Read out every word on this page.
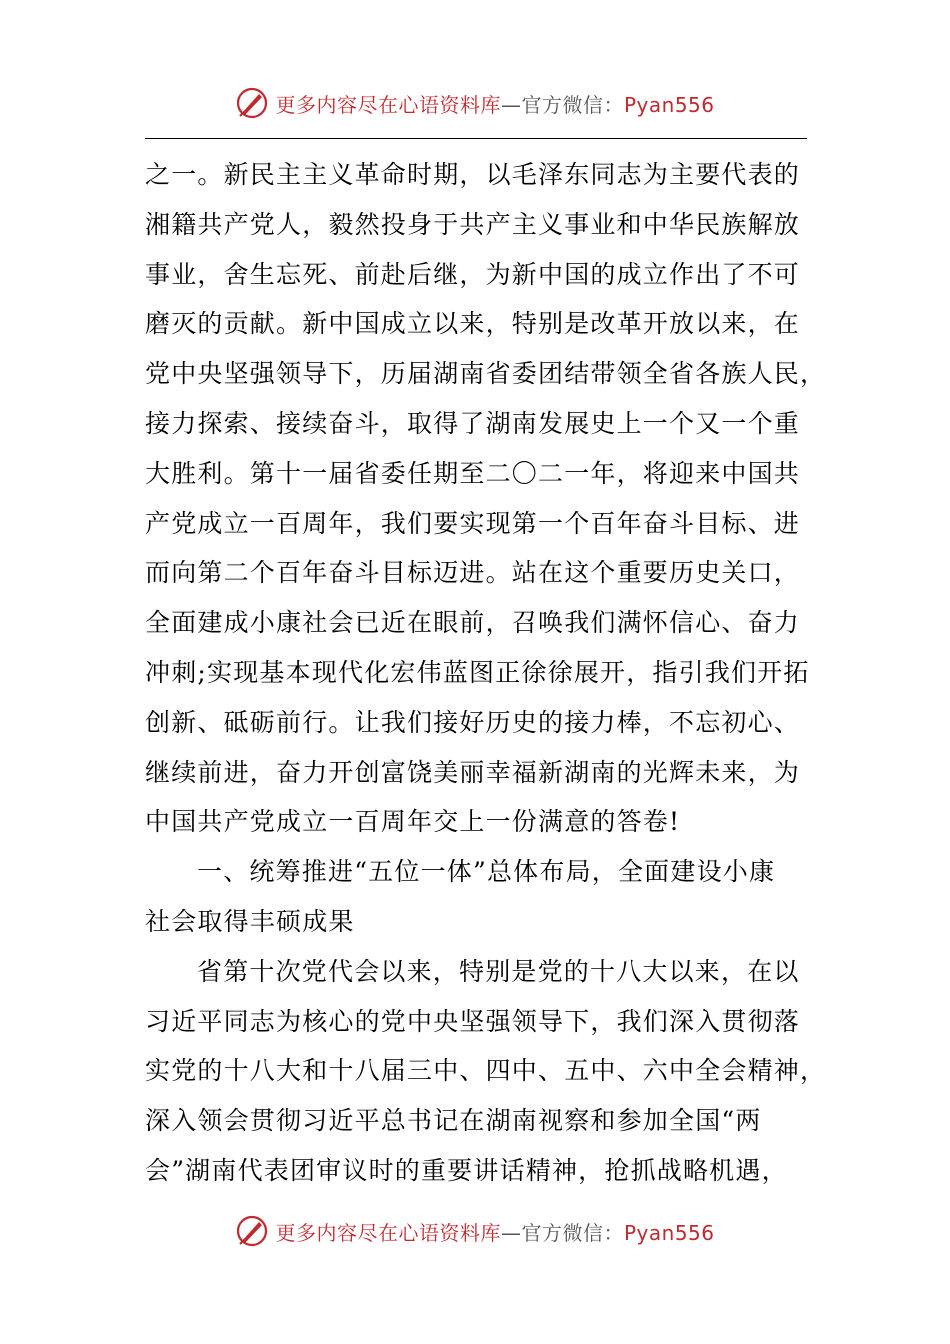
更多内容尽在心语资料库—官方微信：Pyan556
之一。新民主主义革命时期，以毛泽东同志为主要代表的
湘籍共产党人，毅然投身于共产主义事业和中华民族解放
事业，舍生忘死、前赴后继，为新中国的成立作出了不可
磨灭的贡献。新中国成立以来，特别是改革开放以来，在
党中央坚强领导下，历届湖南省委团结带领全省各族人民，
接力探索、接续奋斗，取得了湖南发展史上一个又一个重
大胜利。第十一届省委任期至二〇二一年，将迎来中国共
产党成立一百周年，我们要实现第一个百年奋斗目标、进
而向第二个百年奋斗目标迈进。站在这个重要历史关口，
全面建成小康社会已近在眼前，召唤我们满怀信心、奋力
冲刺;实现基本现代化宏伟蓝图正徐徐展开，指引我们开拓
创新、砥砺前行。让我们接好历史的接力棒，不忘初心、
继续前进，奋力开创富饶美丽幸福新湖南的光辉未来，为
中国共产党成立一百周年交上一份满意的答卷!
一、统筹推进“五位一体”总体布局，全面建设小康
社会取得丰硕成果
省第十次党代会以来，特别是党的十八大以来，在以
习近平同志为核心的党中央坚强领导下，我们深入贯彻落
实党的十八大和十八届三中、四中、五中、六中全会精神，
深入领会贯彻习近平总书记在湖南视察和参加全国“两
会”湖南代表团审议时的重要讲话精神，抢抓战略机遇，
更多内容尽在心语资料库—官方微信：Pyan556
